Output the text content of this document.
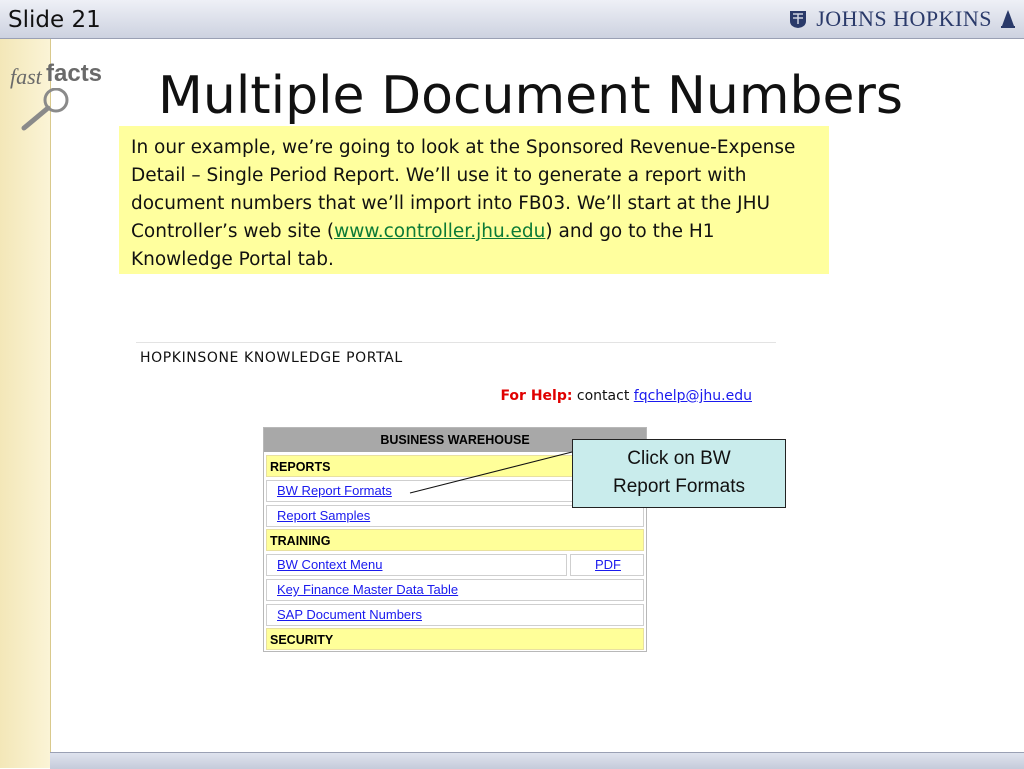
Slide 21	JOHNS HOPKINS
fast facts Multiple Document Numbers
In our example, we’re going to look at the Sponsored Revenue-Expense Detail – Single Period Report. We’ll use it to generate a report with document numbers that we’ll import into FB03. We’ll start at the JHU Controller’s web site (www.controller.jhu.edu) and go to the H1 Knowledge Portal tab.
HOPKINSONE KNOWLEDGE PORTAL
For Help: contact fqchelp@jhu.edu
BUSINESS WAREHOUSE
REPORTS
BW Report Formats
Report Samples
TRAINING
BW Context Menu	PDF
Key Finance Master Data Table
SAP Document Numbers
SECURITY
Click on BW
Report Formats
